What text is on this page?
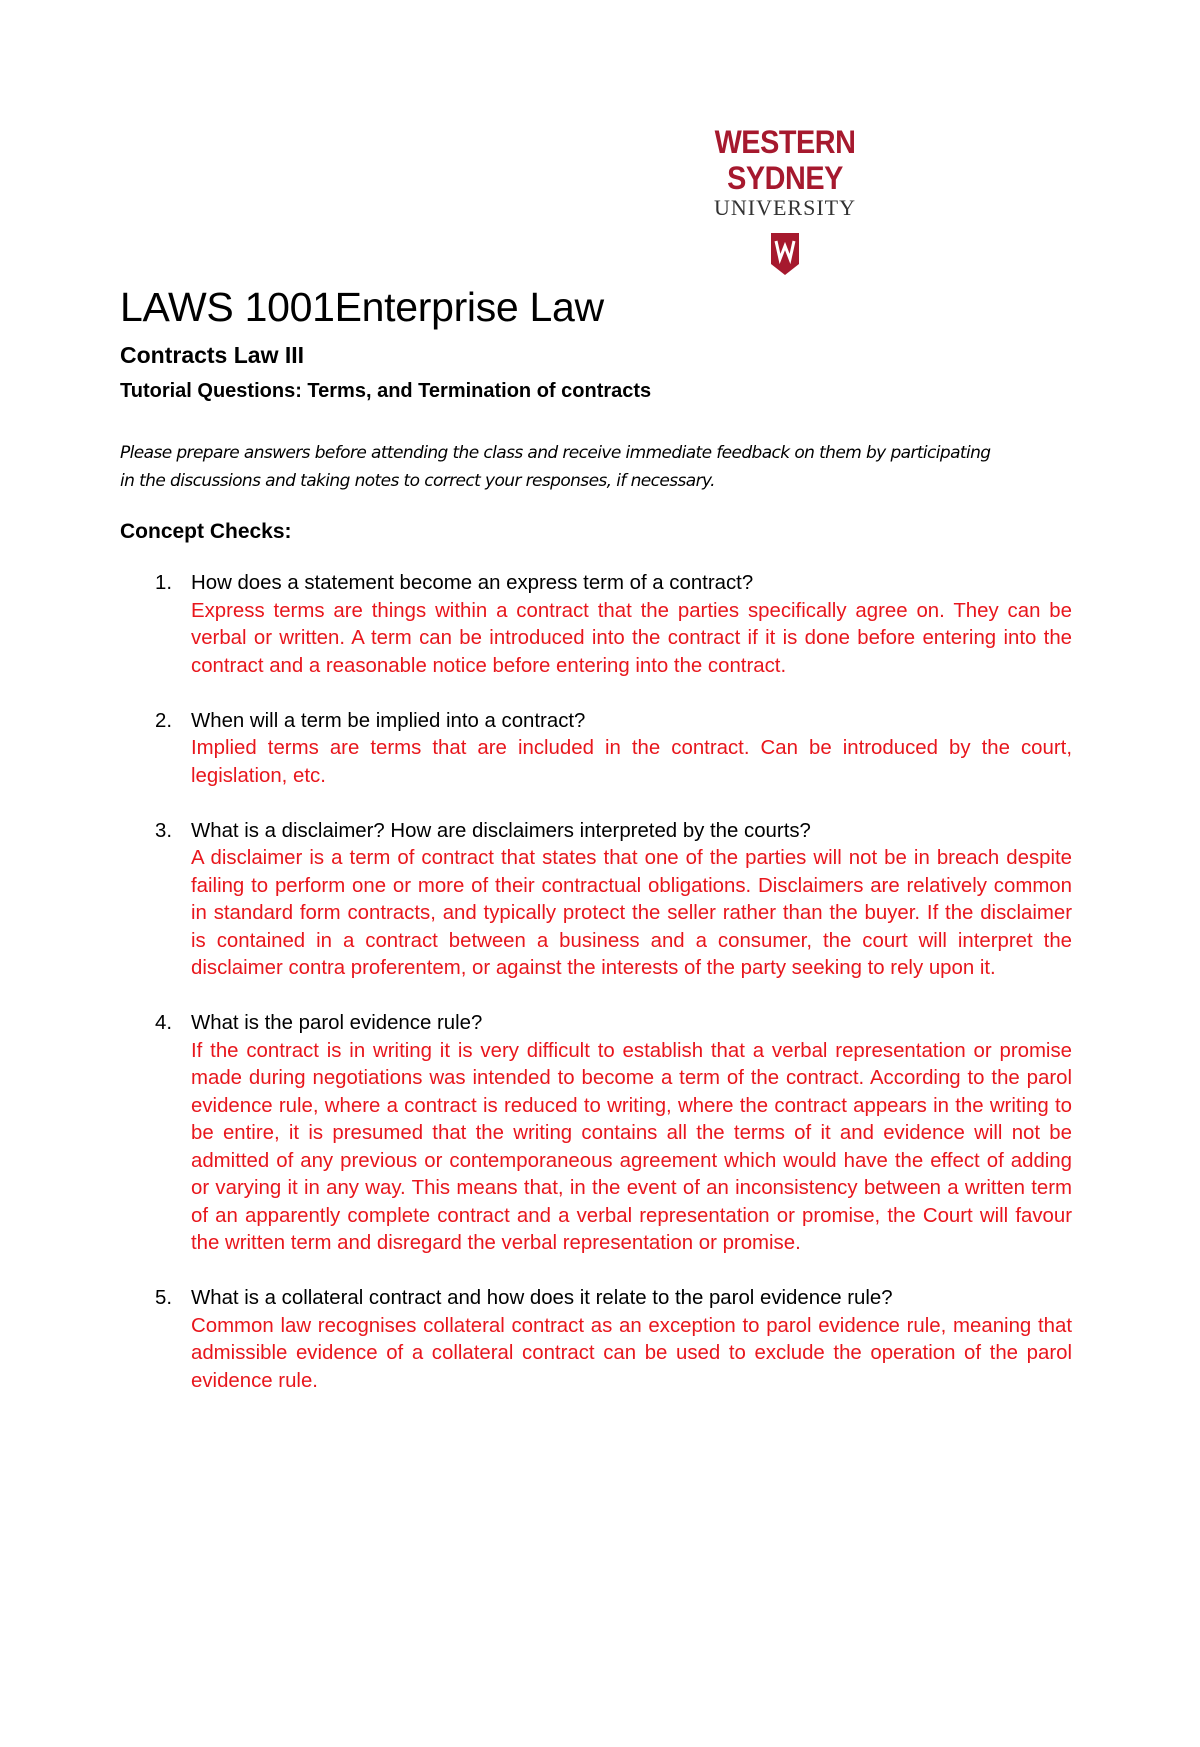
WESTERN SYDNEY
UNIVERSITY
LAWS 1001Enterprise Law
Contracts Law III
Tutorial Questions: Terms, and Termination of contracts

Please prepare answers before attending the class and receive immediate feedback on them by participating in the discussions and taking notes to correct your responses, if necessary.

Concept Checks:
1. How does a statement become an express term of a contract?
Express terms are things within a contract that the parties specifically agree on. They can be verbal or written. A term can be introduced into the contract if it is done before entering into the contract and a reasonable notice before entering into the contract.
2. When will a term be implied into a contract?
Implied terms are terms that are included in the contract. Can be introduced by the court, legislation, etc.
3. What is a disclaimer? How are disclaimers interpreted by the courts?
A disclaimer is a term of contract that states that one of the parties will not be in breach despite failing to perform one or more of their contractual obligations. Disclaimers are relatively common in standard form contracts, and typically protect the seller rather than the buyer. If the disclaimer is contained in a contract between a business and a consumer, the court will interpret the disclaimer contra proferentem, or against the interests of the party seeking to rely upon it.
4. What is the parol evidence rule?
If the contract is in writing it is very difficult to establish that a verbal representation or promise made during negotiations was intended to become a term of the contract. According to the parol evidence rule, where a contract is reduced to writing, where the contract appears in the writing to be entire, it is presumed that the writing contains all the terms of it and evidence will not be admitted of any previous or contemporaneous agreement which would have the effect of adding or varying it in any way. This means that, in the event of an inconsistency between a written term of an apparently complete contract and a verbal representation or promise, the Court will favour the written term and disregard the verbal representation or promise.
5. What is a collateral contract and how does it relate to the parol evidence rule?
Common law recognises collateral contract as an exception to parol evidence rule, meaning that admissible evidence of a collateral contract can be used to exclude the operation of the parol evidence rule.
